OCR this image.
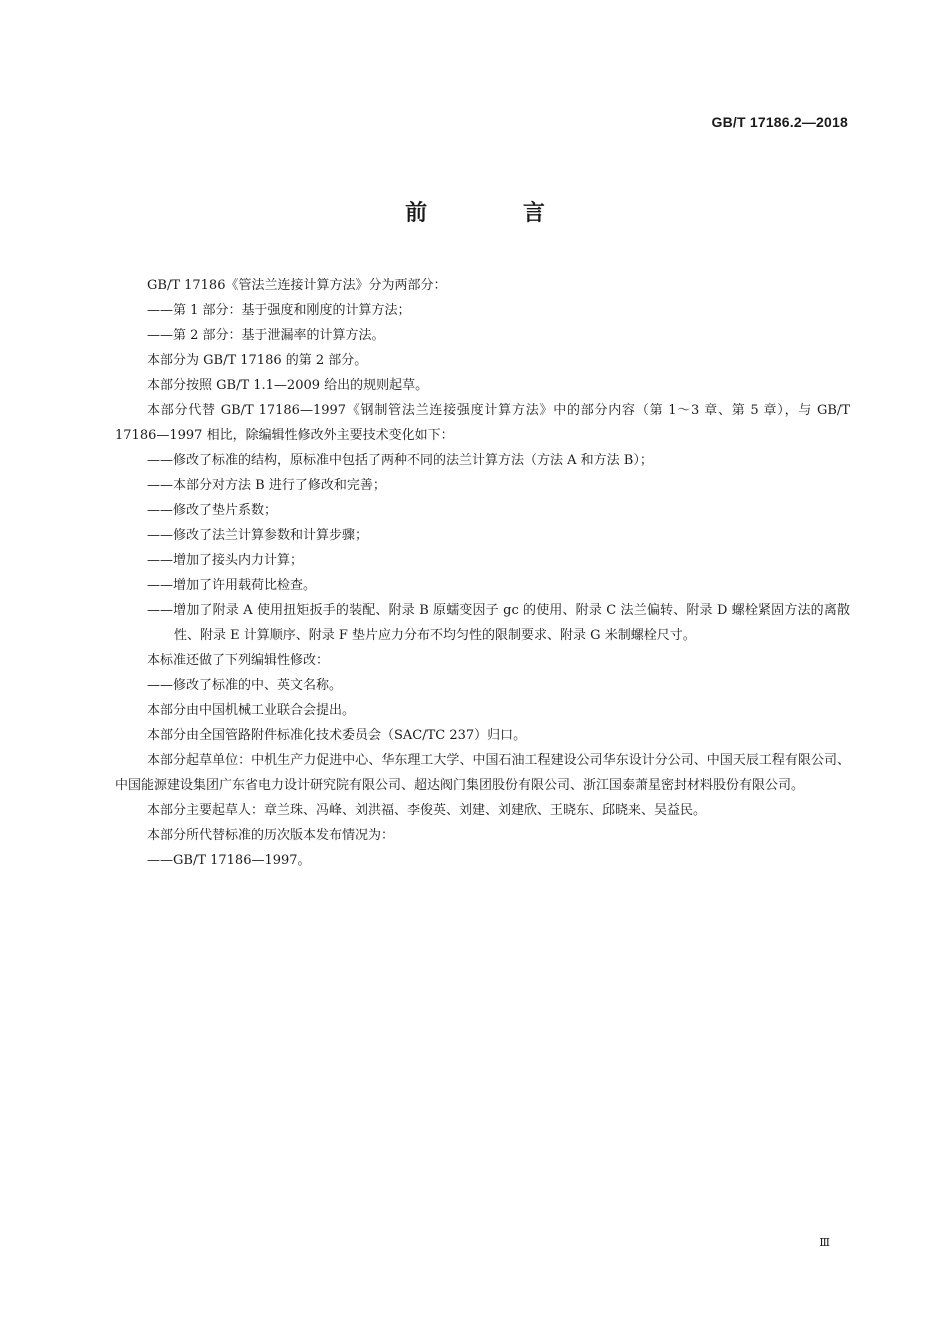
GB/T 17186.2—2018
前 言

GB/T 17186《管法兰连接计算方法》分为两部分：

——第 1 部分：基于强度和刚度的计算方法；

——第 2 部分：基于泄漏率的计算方法。

本部分为 GB/T 17186 的第 2 部分。

本部分按照 GB/T 1.1—2009 给出的规则起草。

本部分代替 GB/T 17186—1997《钢制管法兰连接强度计算方法》中的部分内容（第 1～3 章、第 5 章），与 GB/T 17186—1997 相比，除编辑性修改外主要技术变化如下：

——修改了标准的结构，原标准中包括了两种不同的法兰计算方法（方法 A 和方法 B）；

——本部分对方法 B 进行了修改和完善；

——修改了垫片系数；

——修改了法兰计算参数和计算步骤；

——增加了接头内力计算；

——增加了许用载荷比检查。

——增加了附录 A 使用扭矩扳手的装配、附录 B 原蠕变因子 gc 的使用、附录 C 法兰偏转、附录 D 螺栓紧固方法的离散性、附录 E 计算顺序、附录 F 垫片应力分布不均匀性的限制要求、附录 G 米制螺栓尺寸。

本标准还做了下列编辑性修改：

——修改了标准的中、英文名称。

本部分由中国机械工业联合会提出。

本部分由全国管路附件标准化技术委员会（SAC/TC 237）归口。

本部分起草单位：中机生产力促进中心、华东理工大学、中国石油工程建设公司华东设计分公司、中国天辰工程有限公司、中国能源建设集团广东省电力设计研究院有限公司、超达阀门集团股份有限公司、浙江国泰萧星密封材料股份有限公司。

本部分主要起草人：章兰珠、冯峰、刘洪福、李俊英、刘建、刘建欣、王晓东、邱晓来、吴益民。

本部分所代替标准的历次版本发布情况为：

——GB/T 17186—1997。

Ⅲ
